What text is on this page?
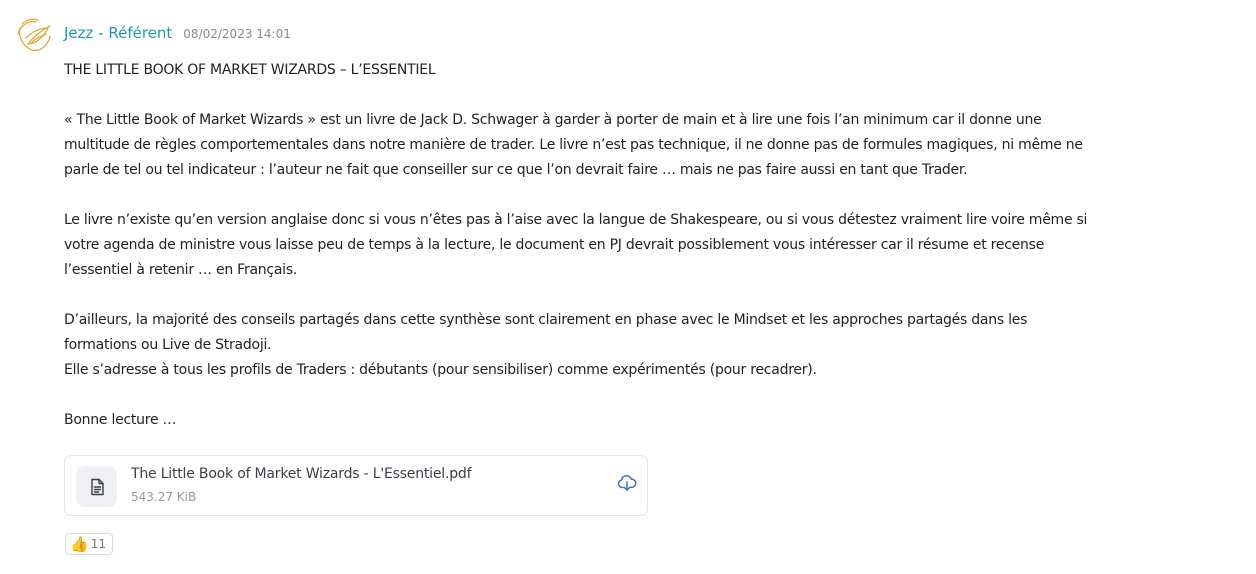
Jezz - Référent 08/02/2023 14:01

THE LITTLE BOOK OF MARKET WIZARDS – L’ESSENTIEL

« The Little Book of Market Wizards » est un livre de Jack D. Schwager à garder à porter de main et à lire une fois l’an minimum car il donne une

multitude de règles comportementales dans notre manière de trader. Le livre n’est pas technique, il ne donne pas de formules magiques, ni même ne

parle de tel ou tel indicateur : l’auteur ne fait que conseiller sur ce que l’on devrait faire … mais ne pas faire aussi en tant que Trader.

Le livre n’existe qu’en version anglaise donc si vous n’êtes pas à l’aise avec la langue de Shakespeare, ou si vous détestez vraiment lire voire même si

votre agenda de ministre vous laisse peu de temps à la lecture, le document en PJ devrait possiblement vous intéresser car il résume et recense

l’essentiel à retenir … en Français.

D’ailleurs, la majorité des conseils partagés dans cette synthèse sont clairement en phase avec le Mindset et les approches partagés dans les

formations ou Live de Stradoji.

Elle s’adresse à tous les profils de Traders : débutants (pour sensibiliser) comme expérimentés (pour recadrer).

Bonne lecture …

The Little Book of Market Wizards - L'Essentiel.pdf
543.27 KiB
👍 11
